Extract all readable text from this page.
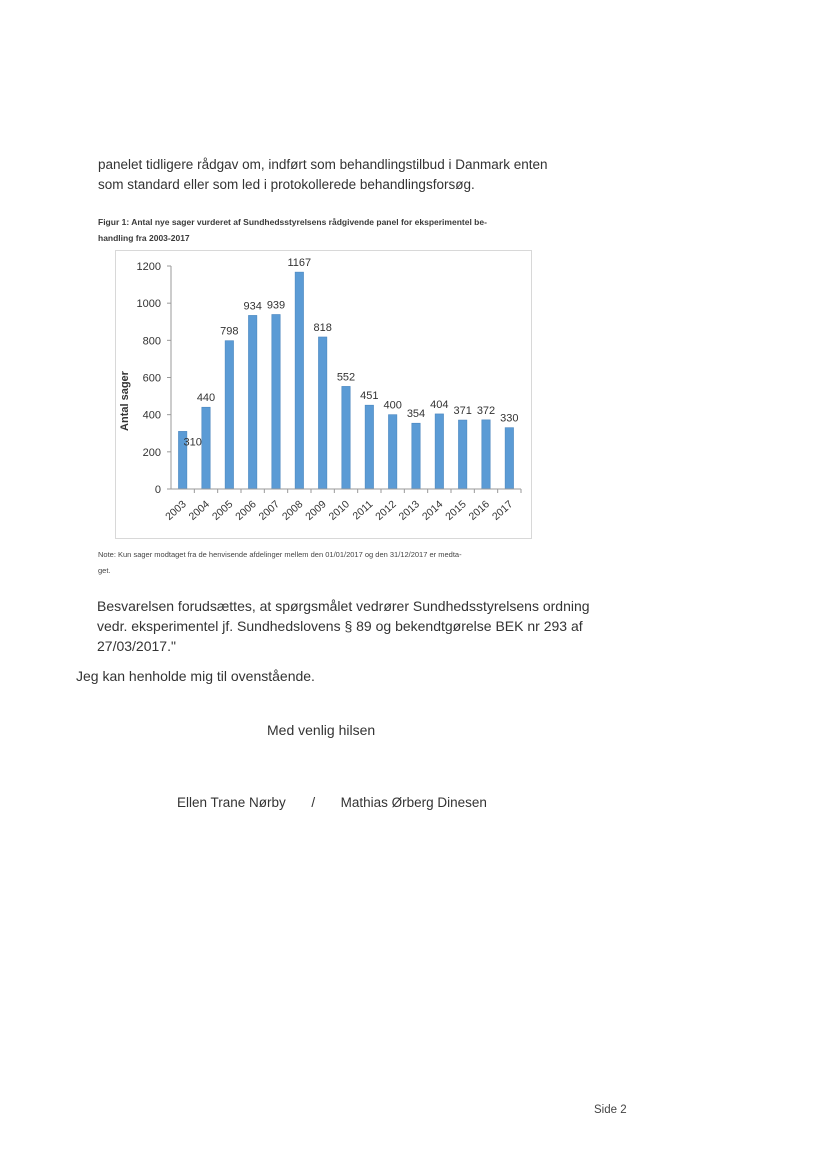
panelet tidligere rådgav om, indført som behandlingstilbud i Danmark enten
som standard eller som led i protokollerede behandlingsforsøg.
Figur 1: Antal nye sager vurderet af Sundhedsstyrelsens rådgivende panel for eksperimentel be-
handling fra 2003-2017
0
200
400
600
800
1000
1200
310
440
798
934 939
1167
818
552
451
400
354
404
371 372
330
2003
2004
2005
2006
2007
2008
2009
2010
2011
2012
2013
2014
2015
2016
2017
Antal sager
Note: Kun sager modtaget fra de henvisende afdelinger mellem den 01/01/2017 og den 31/12/2017 er medta-
get.
Besvarelsen forudsættes, at spørgsmålet vedrører Sundhedsstyrelsens ordning
vedr. eksperimentel jf. Sundhedslovens § 89 og bekendtgørelse BEK nr 293 af
27/03/2017."
Jeg kan henholde mig til ovenstående.
Med venlig hilsen
Ellen Trane Nørby / Mathias Ørberg Dinesen
Side 2
